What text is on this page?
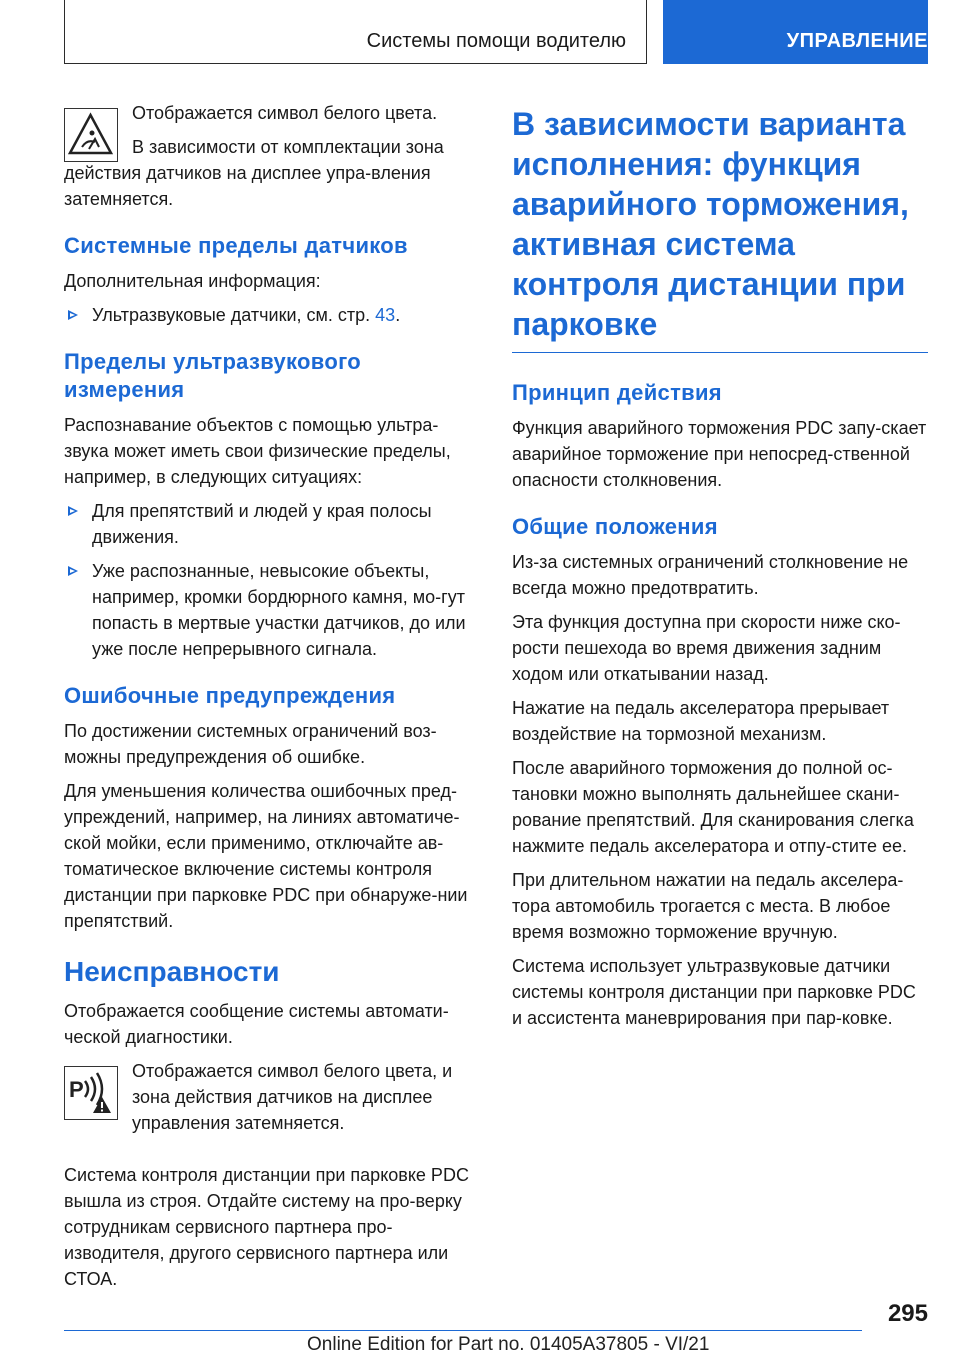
Системы помощи водителю	УПРАВЛЕНИЕ

Отображается символ белого цвета.

В зависимости от комплектации зона действия датчиков на дисплее упра-вления затемняется.

Системные пределы датчиков

Дополнительная информация:

Ультразвуковые датчики, см. стр. 43.
Пределы ультразвукового измерения

Распознавание объектов с помощью ультра-звука может иметь свои физические пределы, например, в следующих ситуациях:

Для препятствий и людей у края полосы движения.
Уже распознанные, невысокие объекты, например, кромки бордюрного камня, мо-гут попасть в мертвые участки датчиков, до или уже после непрерывного сигнала.
Ошибочные предупреждения

По достижении системных ограничений воз-можны предупреждения об ошибке.

Для уменьшения количества ошибочных пред-упреждений, например, на линиях автоматиче-ской мойки, если применимо, отключайте ав-томатическое включение системы контроля дистанции при парковке PDC при обнаруже-нии препятствий.

Неисправности

Отображается сообщение системы автомати-ческой диагностики.

P

Отображается символ белого цвета, и зона действия датчиков на дисплее управления затемняется.

Система контроля дистанции при парковке PDC вышла из строя. Отдайте систему на про-верку сотрудникам сервисного партнера про-изводителя, другого сервисного партнера или СТОА.

В зависимости варианта исполнения: функция аварийного торможения, активная система контроля дистанции при парковке
Принцип действия

Функция аварийного торможения PDC запу-скает аварийное торможение при непосред-ственной опасности столкновения.

Общие положения

Из-за системных ограничений столкновение не всегда можно предотвратить.

Эта функция доступна при скорости ниже ско-рости пешехода во время движения задним ходом или откатывании назад.

Нажатие на педаль акселератора прерывает воздействие на тормозной механизм.

После аварийного торможения до полной ос-тановки можно выполнять дальнейшее скани-рование препятствий. Для сканирования слегка нажмите педаль акселератора и отпу-стите ее.

При длительном нажатии на педаль акселера-тора автомобиль трогается с места. В любое время возможно торможение вручную.

Система использует ультразвуковые датчики системы контроля дистанции при парковке PDC и ассистента маневрирования при пар-ковке.

295
Online Edition for Part no. 01405A37805 - VI/21
